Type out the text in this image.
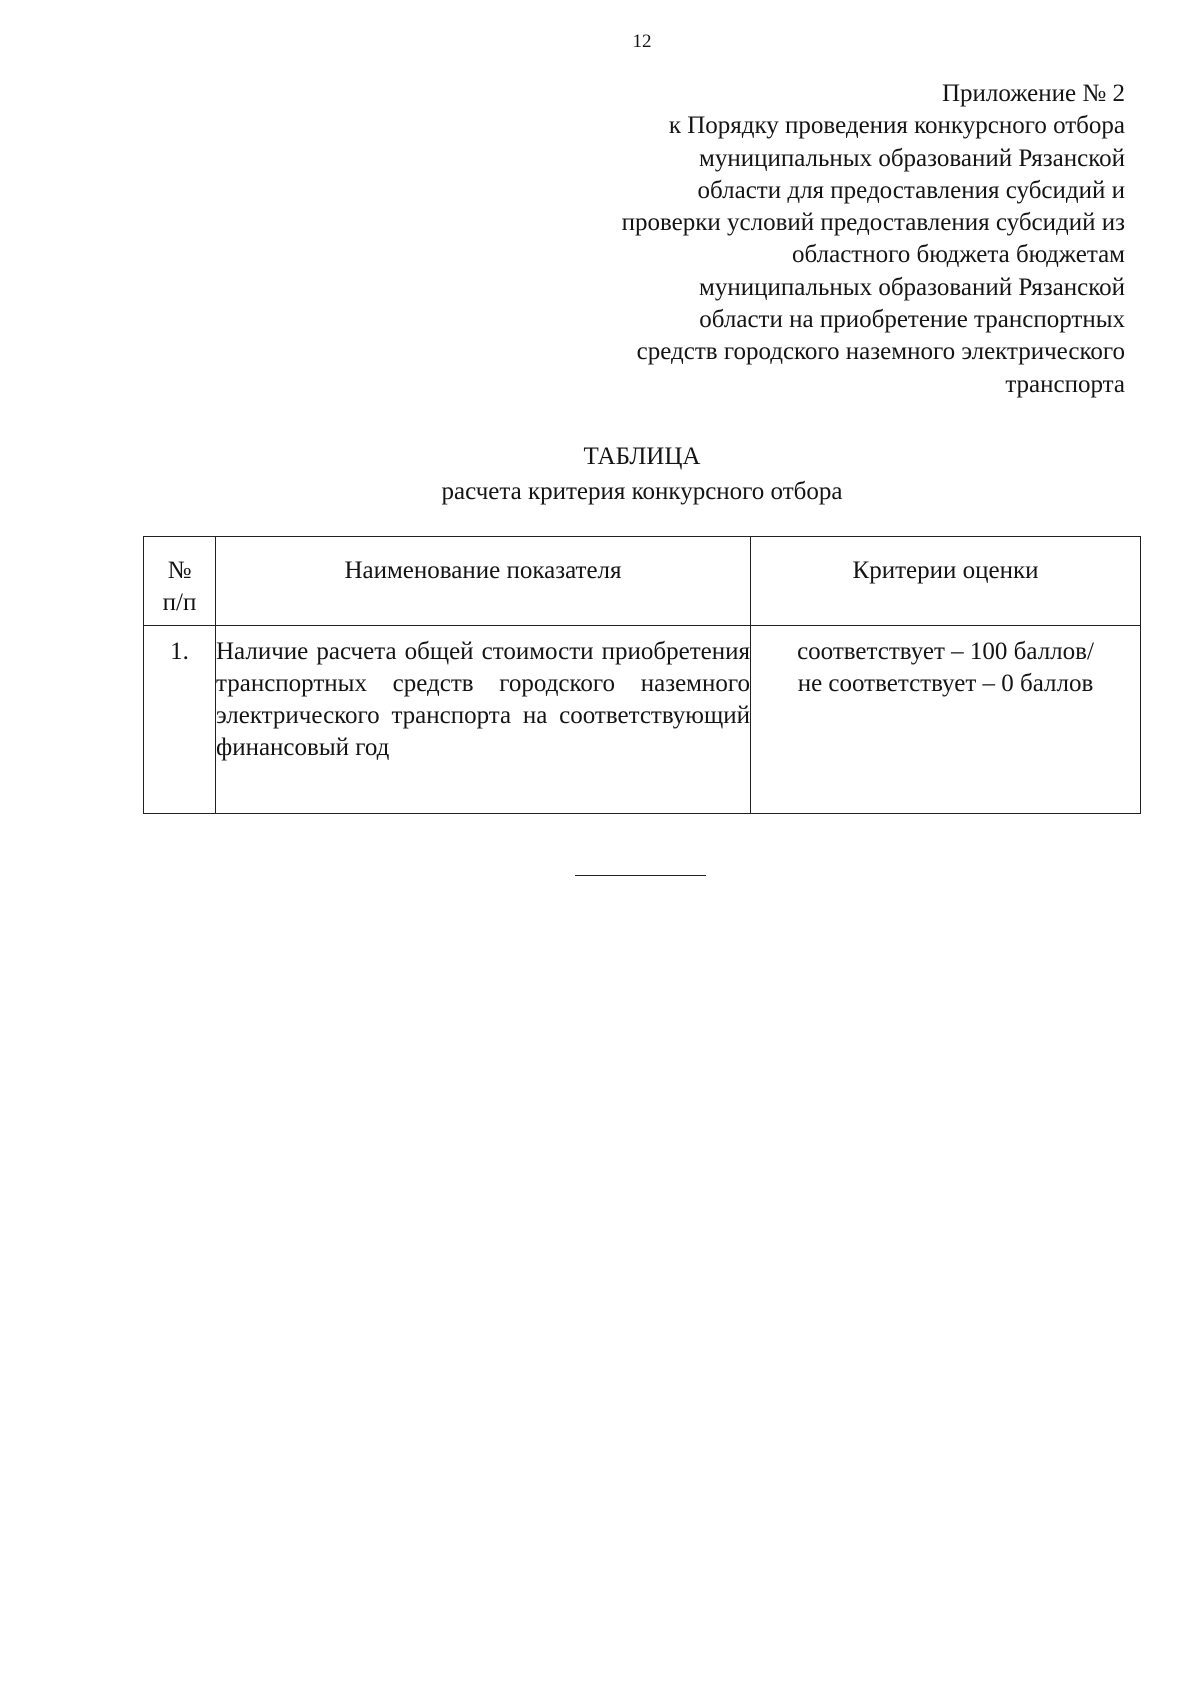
12
Приложение № 2
к Порядку проведения конкурсного отбора
муниципальных образований Рязанской
области для предоставления субсидий и
проверки условий предоставления субсидий из
областного бюджета бюджетам
муниципальных образований Рязанской
области на приобретение транспортных
средств городского наземного электрического
транспорта
ТАБЛИЦА
расчета критерия конкурсного отбора
№
п/п	Наименование показателя	Критерии оценки
1.	Наличие расчета общей стоимости приобретения транспортных средств городского наземного электрического транспорта на соответствующий финансовый год	соответствует – 100 баллов/
не соответствует – 0 баллов
